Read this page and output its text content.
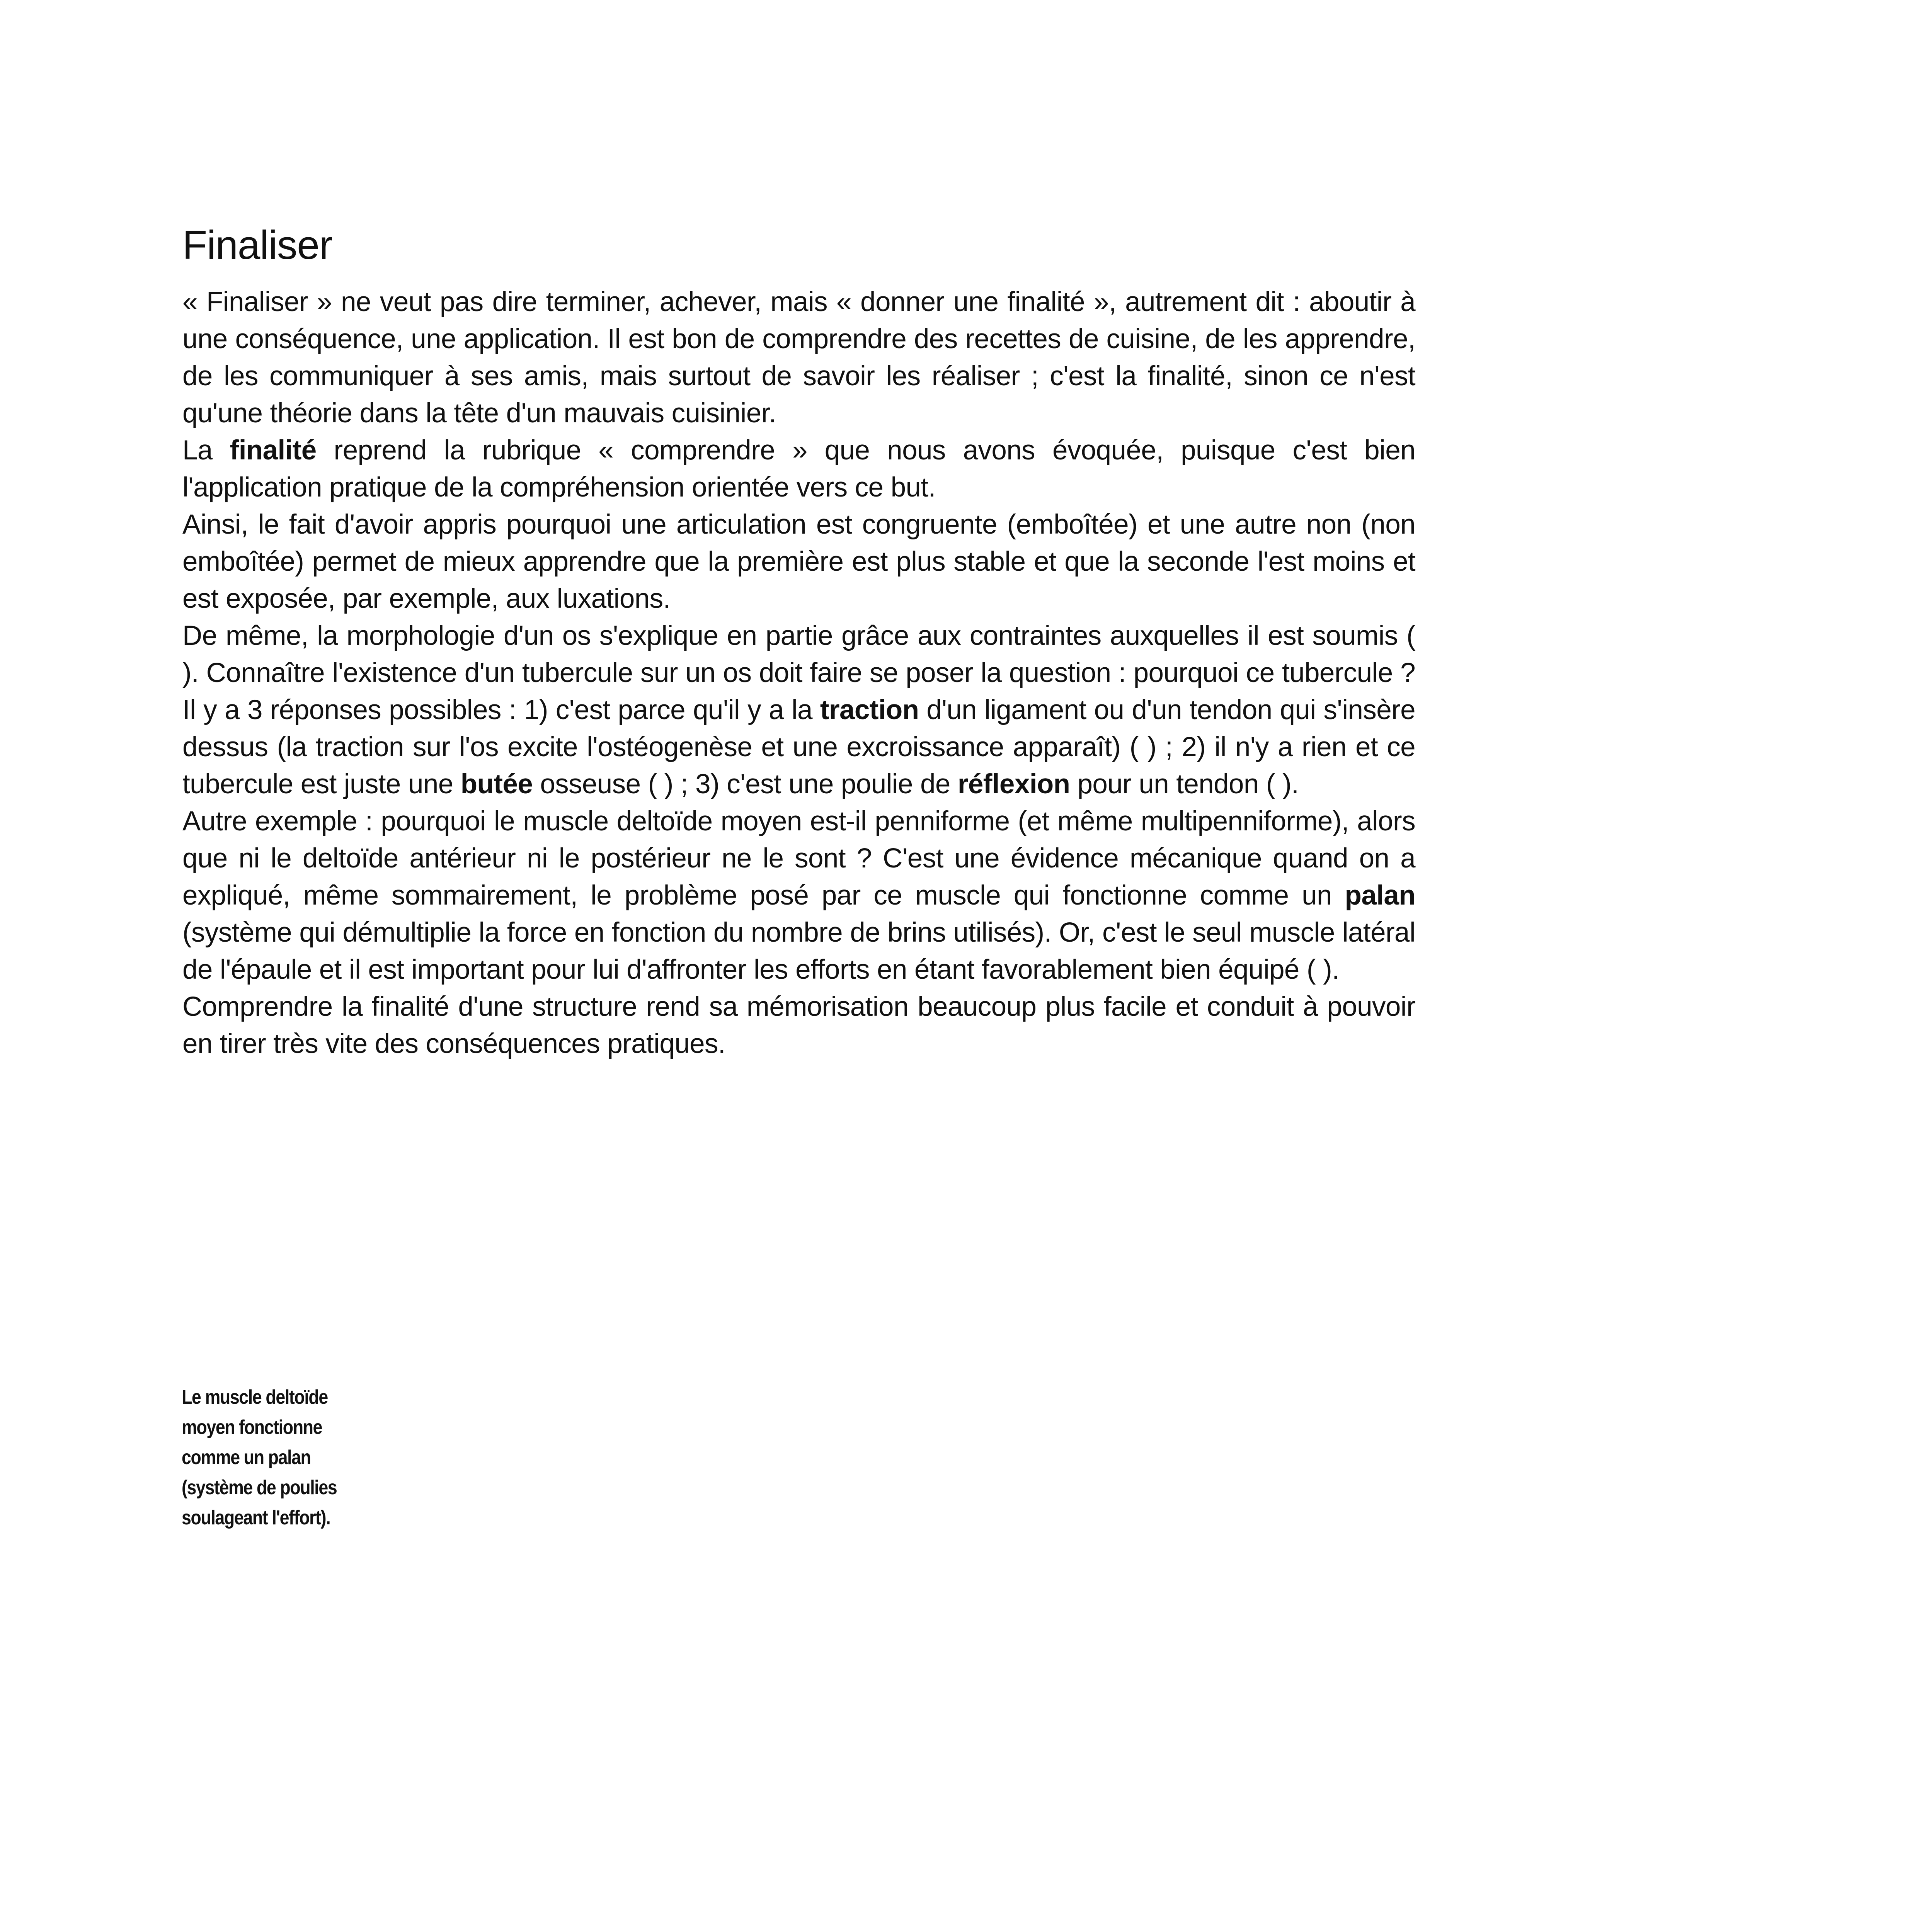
Finaliser

« Finaliser » ne veut pas dire terminer, achever, mais « donner une finalité », autrement dit : aboutir à une conséquence, une application. Il est bon de comprendre des recettes de cuisine, de les apprendre, de les communiquer à ses amis, mais surtout de savoir les réaliser ; c'est la finalité, sinon ce n'est qu'une théorie dans la tête d'un mauvais cuisinier.

La finalité reprend la rubrique « comprendre » que nous avons évoquée, puisque c'est bien l'application pratique de la compréhension orientée vers ce but.

Ainsi, le fait d'avoir appris pourquoi une articulation est congruente (emboîtée) et une autre non (non emboîtée) permet de mieux apprendre que la première est plus stable et que la seconde l'est moins et est exposée, par exemple, aux luxations.

De même, la morphologie d'un os s'explique en partie grâce aux contraintes auxquelles il est soumis ( ). Connaître l'existence d'un tubercule sur un os doit faire se poser la question : pourquoi ce tubercule ? Il y a 3 réponses possibles : 1) c'est parce qu'il y a la traction d'un ligament ou d'un tendon qui s'insère dessus (la traction sur l'os excite l'ostéogenèse et une excroissance apparaît) ( ) ; 2) il n'y a rien et ce tubercule est juste une butée osseuse ( ) ; 3) c'est une poulie de réflexion pour un tendon ( ).

Autre exemple : pourquoi le muscle deltoïde moyen est-il penniforme (et même multipenniforme), alors que ni le deltoïde antérieur ni le postérieur ne le sont ? C'est une évidence mécanique quand on a expliqué, même sommairement, le problème posé par ce muscle qui fonctionne comme un palan (système qui démultiplie la force en fonction du nombre de brins utilisés). Or, c'est le seul muscle latéral de l'épaule et il est important pour lui d'affronter les efforts en étant favorablement bien équipé ( ).

Comprendre la finalité d'une structure rend sa mémorisation beaucoup plus facile et conduit à pouvoir en tirer très vite des conséquences pratiques.

Le muscle deltoïde
moyen fonctionne
comme un palan
(système de poulies
soulageant l'effort).
